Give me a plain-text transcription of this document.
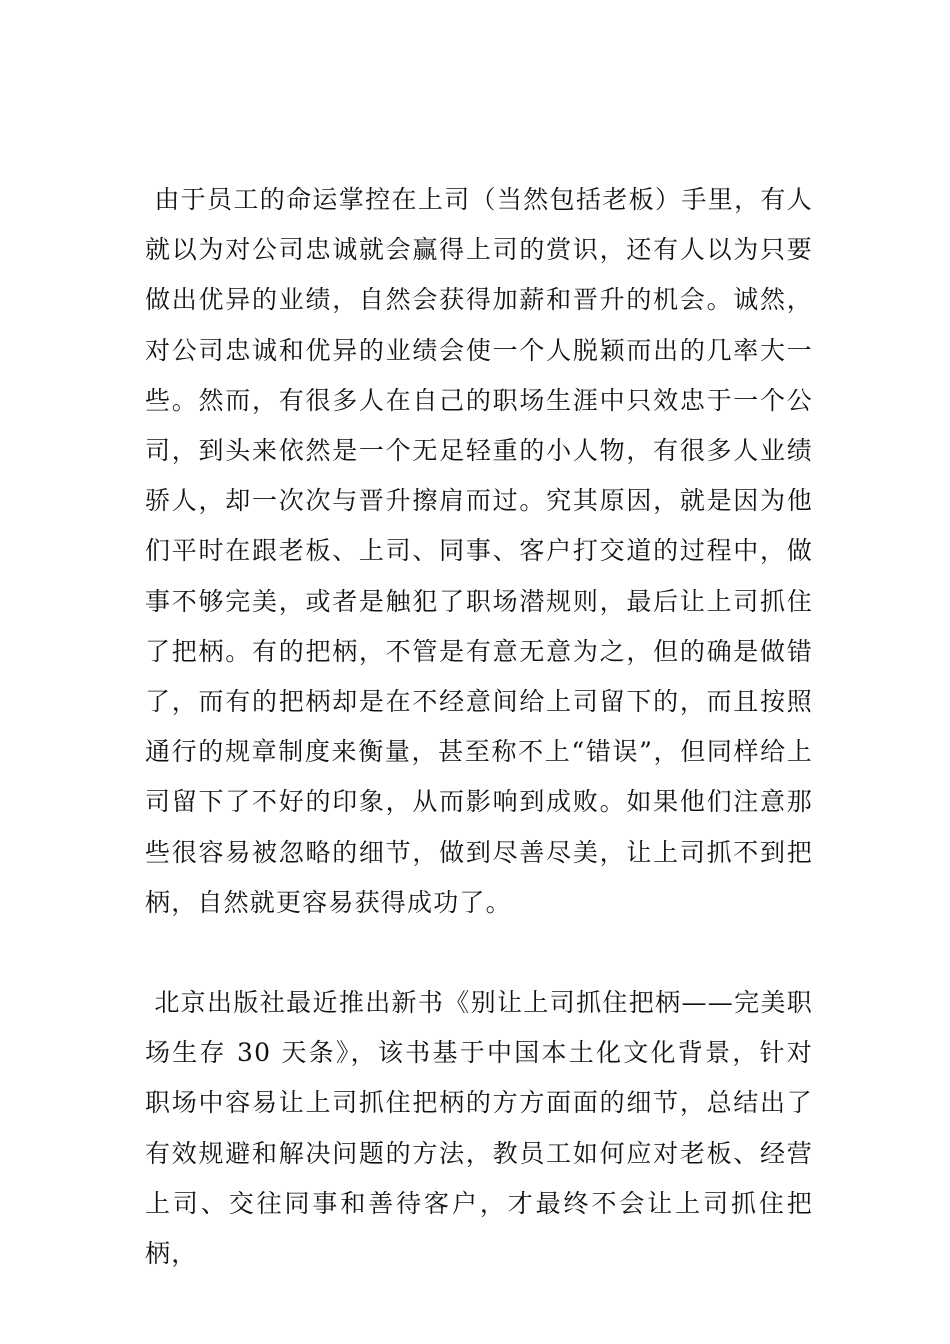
由于员工的命运掌控在上司（当然包括老板）手里，有人就以为对公司忠诚就会赢得上司的赏识，还有人以为只要做出优异的业绩，自然会获得加薪和晋升的机会。诚然，对公司忠诚和优异的业绩会使一个人脱颖而出的几率大一些。然而，有很多人在自己的职场生涯中只效忠于一个公司，到头来依然是一个无足轻重的小人物，有很多人业绩骄人，却一次次与晋升擦肩而过。究其原因，就是因为他们平时在跟老板、上司、同事、客户打交道的过程中，做事不够完美，或者是触犯了职场潜规则，最后让上司抓住了把柄。有的把柄，不管是有意无意为之，但的确是做错了，而有的把柄却是在不经意间给上司留下的，而且按照通行的规章制度来衡量，甚至称不上“错误”，但同样给上司留下了不好的印象，从而影响到成败。如果他们注意那些很容易被忽略的细节，做到尽善尽美，让上司抓不到把柄，自然就更容易获得成功了。

北京出版社最近推出新书《别让上司抓住把柄——完美职场生存 30 天条》，该书基于中国本土化文化背景，针对职场中容易让上司抓住把柄的方方面面的细节，总结出了有效规避和解决问题的方法，教员工如何应对老板、经营上司、交往同事和善待客户，才最终不会让上司抓住把柄，
